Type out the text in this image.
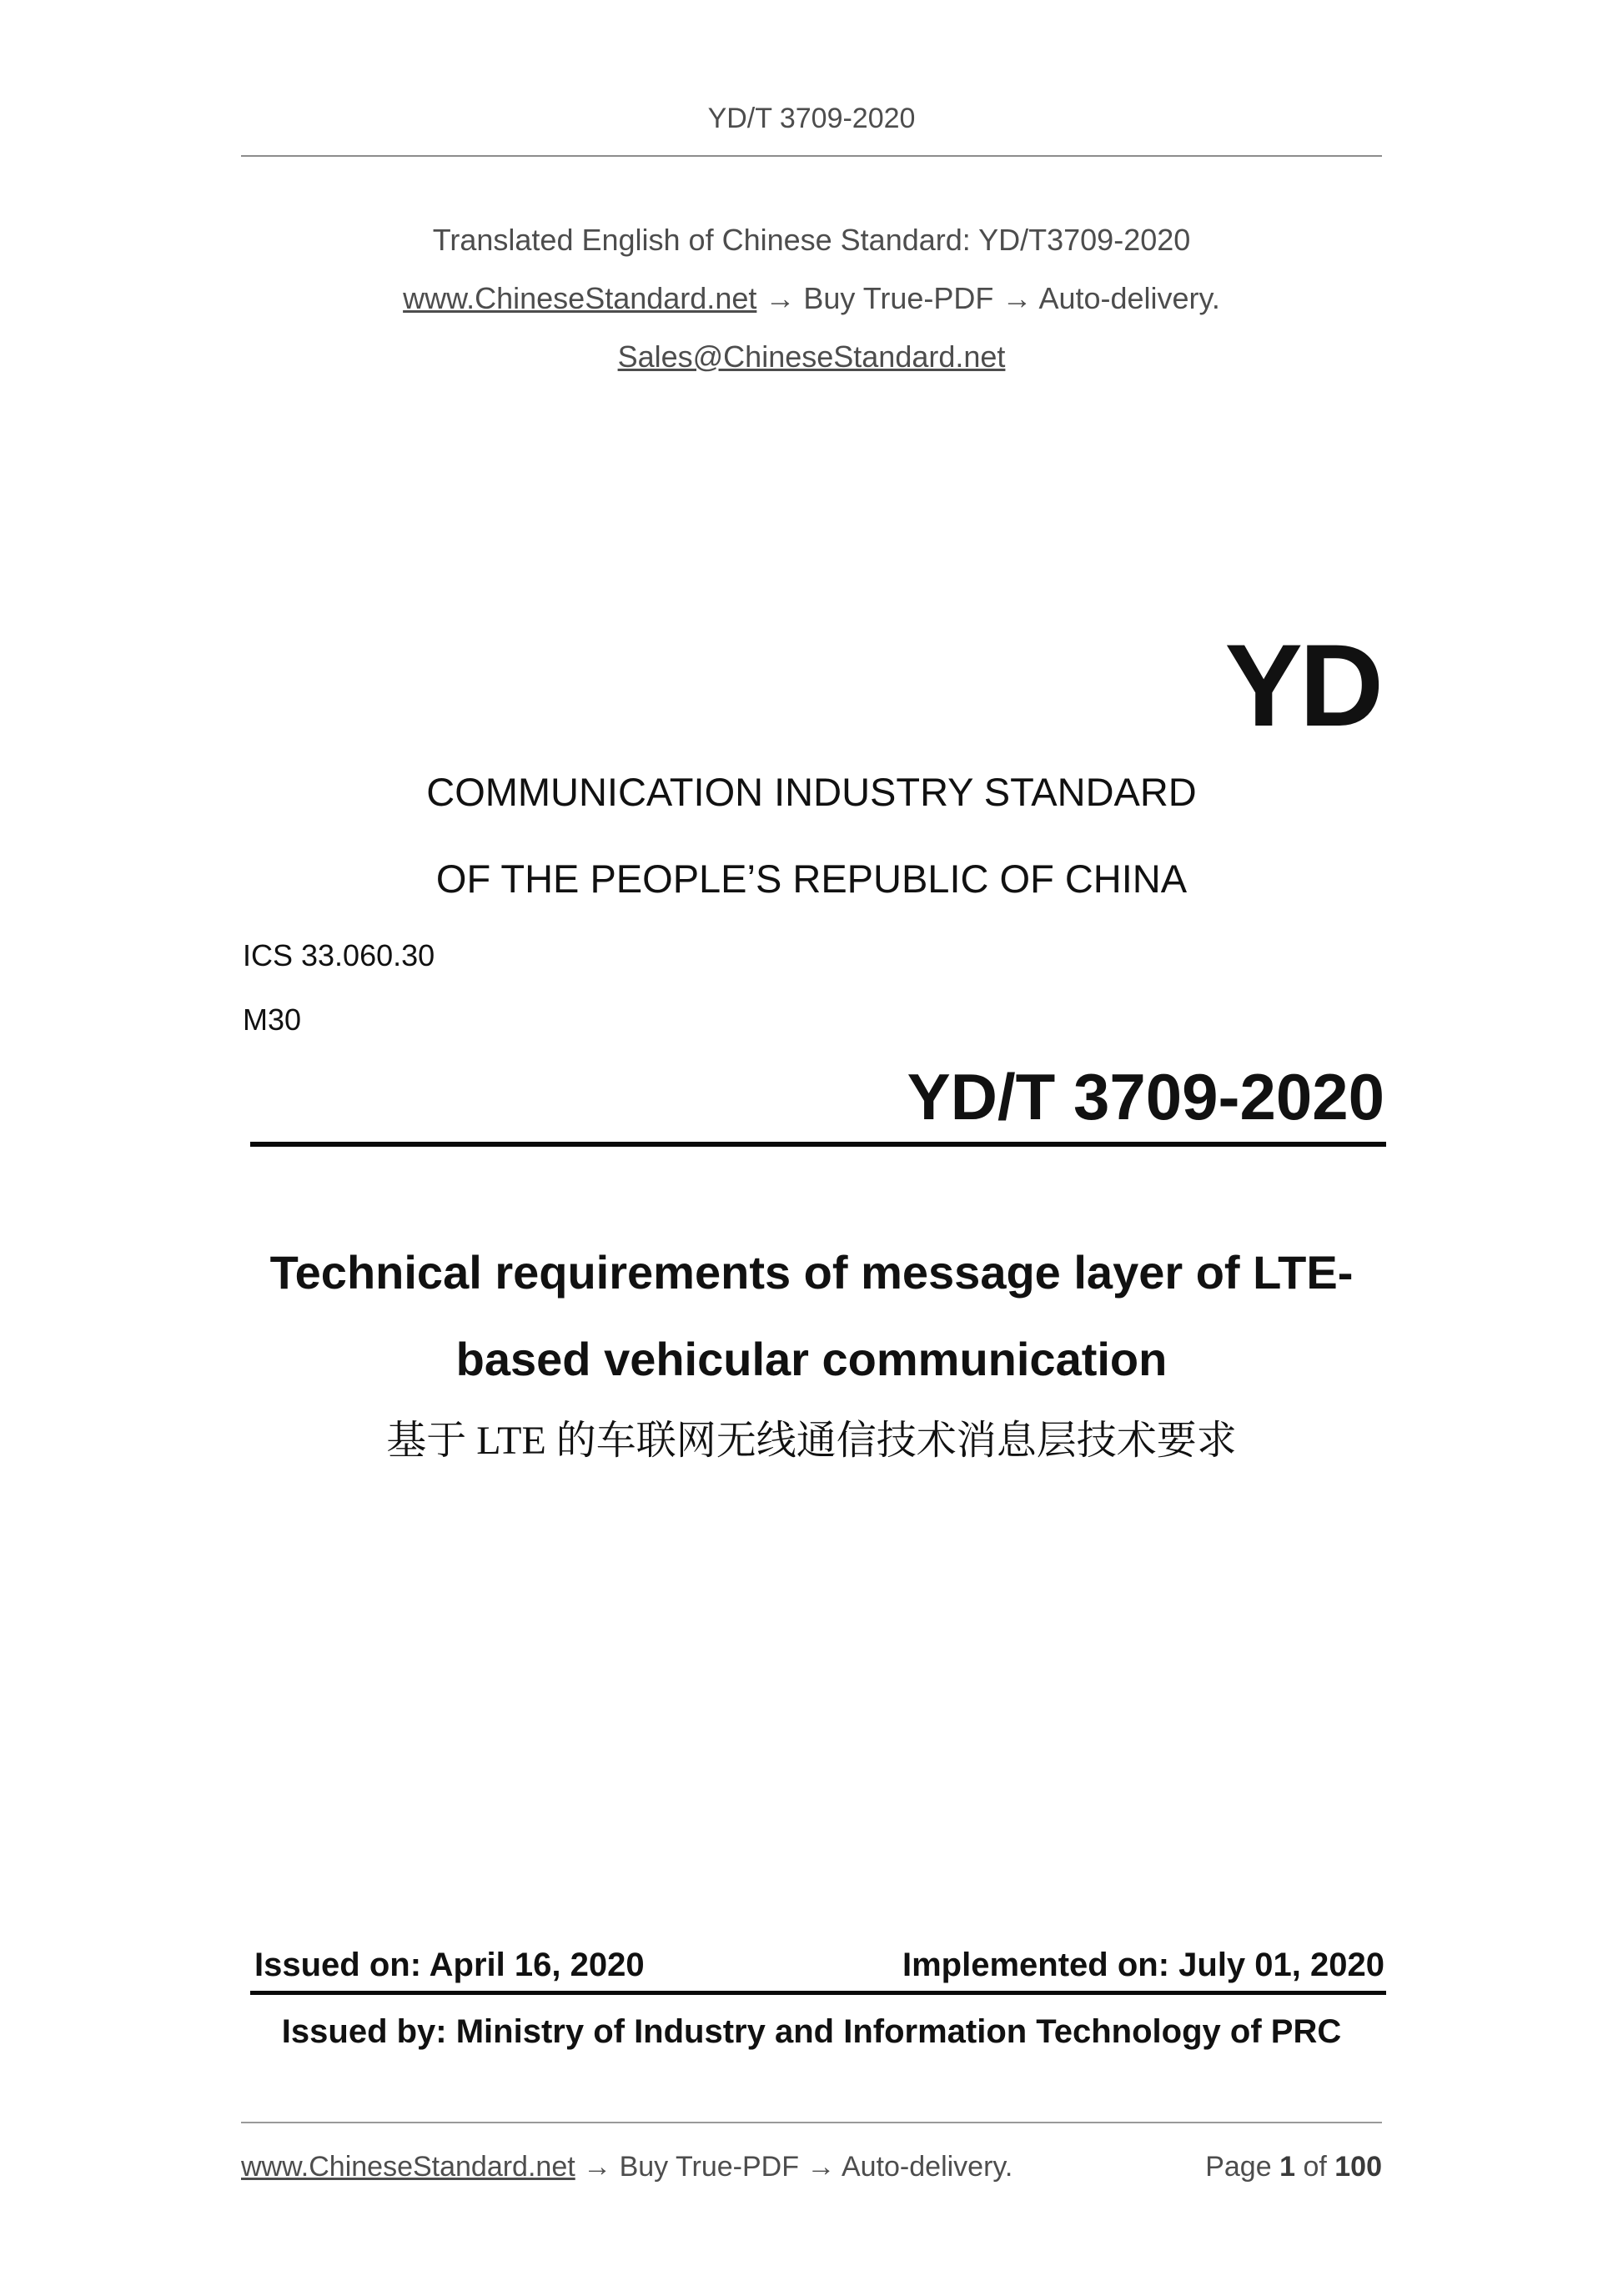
YD/T 3709-2020
Translated English of Chinese Standard: YD/T3709-2020
www.ChineseStandard.net → Buy True-PDF → Auto-delivery.
Sales@ChineseStandard.net
YD
COMMUNICATION INDUSTRY STANDARD
OF THE PEOPLE’S REPUBLIC OF CHINA
ICS 33.060.30
M30
YD/T 3709-2020
Technical requirements of message layer of LTE-
based vehicular communication
基于 LTE 的车联网无线通信技术消息层技术要求
Issued on: April 16, 2020	Implemented on: July 01, 2020
Issued by: Ministry of Industry and Information Technology of PRC
www.ChineseStandard.net → Buy True-PDF → Auto-delivery.	Page 1 of 100
